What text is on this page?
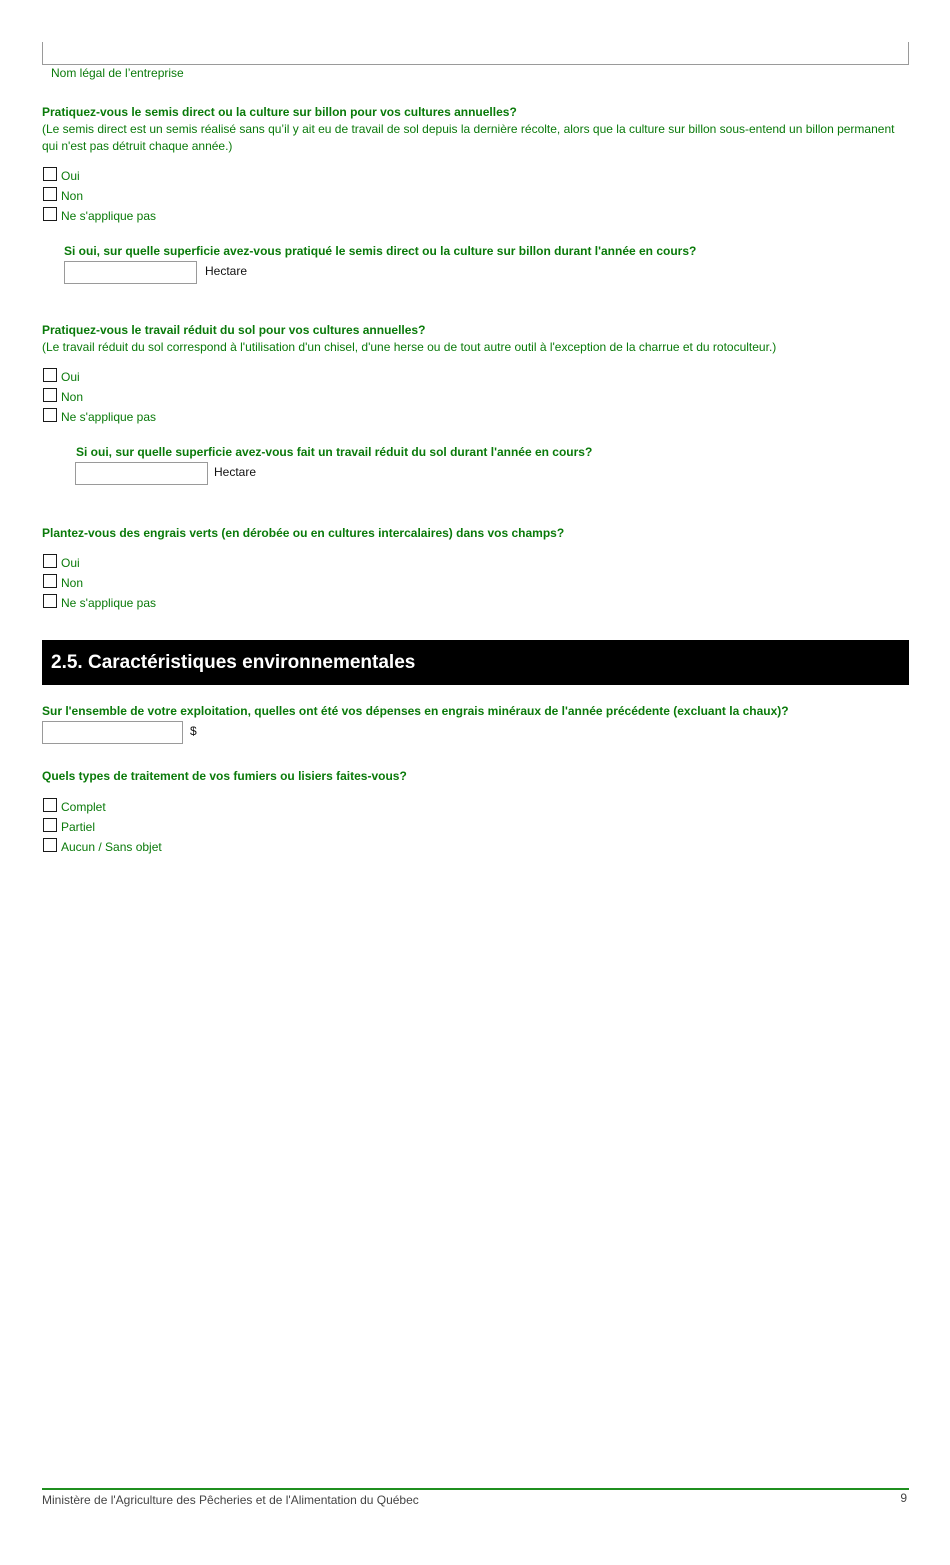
Nom légal de l’entreprise
Pratiquez-vous le semis direct ou la culture sur billon pour vos cultures annuelles?
(Le semis direct est un semis réalisé sans qu’il y ait eu de travail de sol depuis la dernière récolte, alors que la culture sur billon sous-entend un billon permanent qui n'est pas détruit chaque année.)
Oui
Non
Ne s'applique pas
Si oui, sur quelle superficie avez-vous pratiqué le semis direct ou la culture sur billon durant l'année en cours?
Hectare
Pratiquez-vous le travail réduit du sol pour vos cultures annuelles?
(Le travail réduit du sol correspond à l'utilisation d'un chisel, d'une herse ou de tout autre outil à l'exception de la charrue et du rotoculteur.)
Oui
Non
Ne s'applique pas
Si oui, sur quelle superficie avez-vous fait un travail réduit du sol durant l'année en cours?
Hectare
Plantez-vous des engrais verts (en dérobée ou en cultures intercalaires) dans vos champs?
Oui
Non
Ne s'applique pas
2.5. Caractéristiques environnementales
Sur l'ensemble de votre exploitation, quelles ont été vos dépenses en engrais minéraux de l'année précédente (excluant la chaux)?
$
Quels types de traitement de vos fumiers ou lisiers faites-vous?
Complet
Partiel
Aucun / Sans objet
Ministère de l'Agriculture des Pêcheries et de l'Alimentation du Québec	9
